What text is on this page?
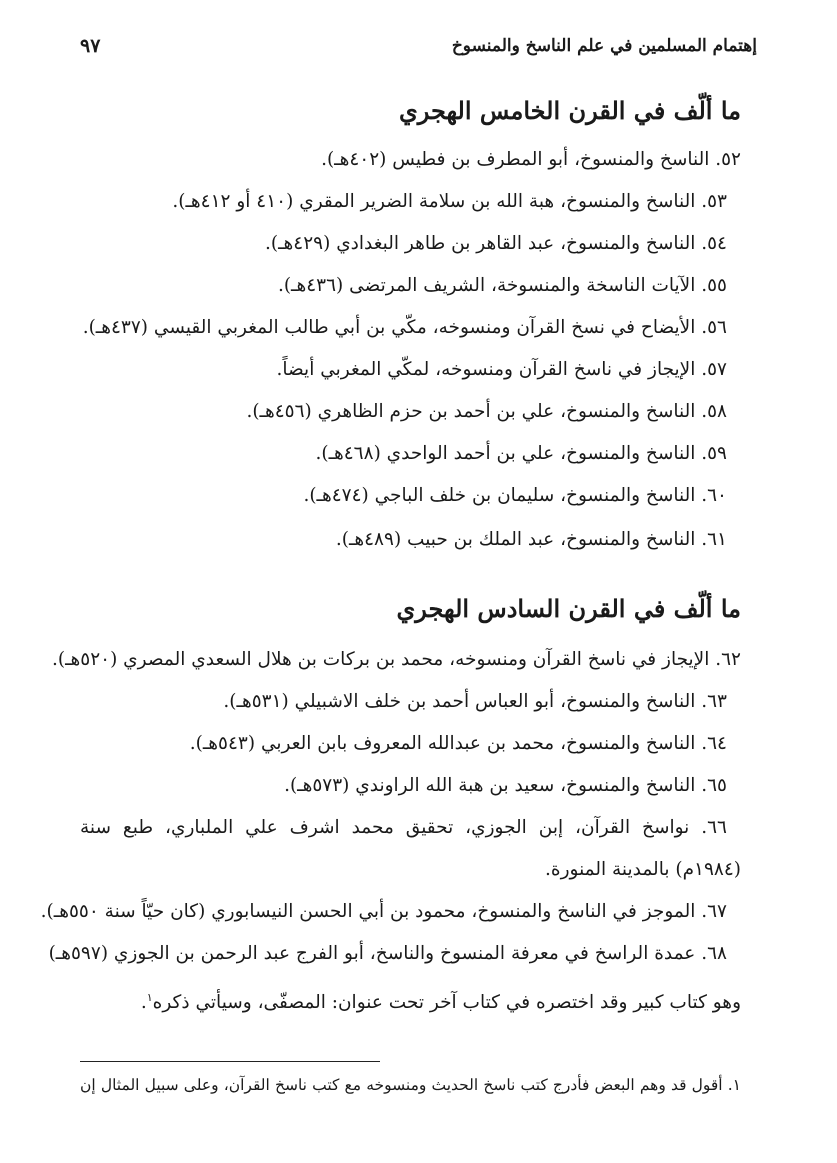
إهتمام المسلمين في علم الناسخ والمنسوخ
٩٧
ما ألّف في القرن الخامس الهجري
٥٢. الناسخ والمنسوخ، أبو المطرف بن فطيس (٤٠٢هـ).
٥٣. الناسخ والمنسوخ، هبة الله بن سلامة الضرير المقري (٤١٠ أو ٤١٢هـ).
٥٤. الناسخ والمنسوخ، عبد القاهر بن طاهر البغدادي (٤٢٩هـ).
٥٥. الآيات الناسخة والمنسوخة، الشريف المرتضى (٤٣٦هـ).
٥٦. الأيضاح في نسخ القرآن ومنسوخه، مكّي بن أبي طالب المغربي القيسي (٤٣٧هـ).
٥٧. الإيجاز في ناسخ القرآن ومنسوخه، لمكّي المغربي أيضاً.
٥٨. الناسخ والمنسوخ، علي بن أحمد بن حزم الظاهري (٤٥٦هـ).
٥٩. الناسخ والمنسوخ، علي بن أحمد الواحدي (٤٦٨هـ).
٦٠. الناسخ والمنسوخ، سليمان بن خلف الباجي (٤٧٤هـ).
٦١. الناسخ والمنسوخ، عبد الملك بن حبيب (٤٨٩هـ).
ما ألّف في القرن السادس الهجري
٦٢. الإيجاز في ناسخ القرآن ومنسوخه، محمد بن بركات بن هلال السعدي المصري (٥٢٠هـ).
٦٣. الناسخ والمنسوخ، أبو العباس أحمد بن خلف الاشبيلي (٥٣١هـ).
٦٤. الناسخ والمنسوخ، محمد بن عبدالله المعروف بابن العربي (٥٤٣هـ).
٦٥. الناسخ والمنسوخ، سعيد بن هبة الله الراوندي (٥٧٣هـ).
٦٦. نواسخ القرآن، إبن الجوزي، تحقيق محمد اشرف علي الملباري، طبع سنة
(١٩٨٤م) بالمدينة المنورة.
٦٧. الموجز في الناسخ والمنسوخ، محمود بن أبي الحسن النيسابوري (كان حيّاً سنة ٥٥٠هـ).
٦٨. عمدة الراسخ في معرفة المنسوخ والناسخ، أبو الفرج عبد الرحمن بن الجوزي (٥٩٧هـ)
وهو كتاب كبير وقد اختصره في كتاب آخر تحت عنوان: المصفّى، وسيأتي ذكره$^١$.
١. أقول قد وهم البعض فأدرج كتب ناسخ الحديث ومنسوخه مع كتب ناسخ القرآن، وعلى سبيل المثال إن
